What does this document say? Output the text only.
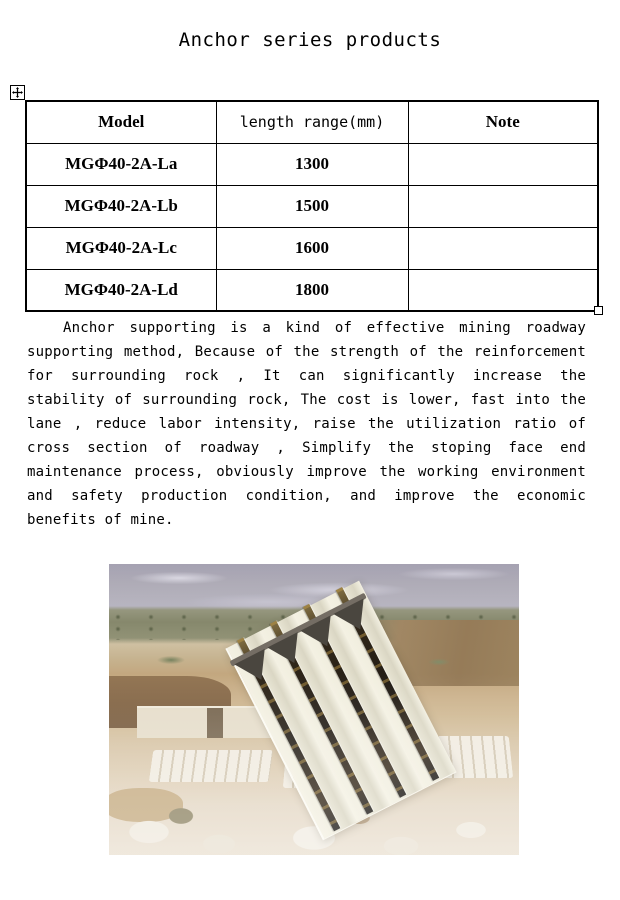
Anchor series products
Model	length range(mm)	Note
MGΦ40-2A-La	1300	
MGΦ40-2A-Lb	1500	
MGΦ40-2A-Lc	1600	
MGΦ40-2A-Ld	1800	
Anchor supporting is a kind of effective mining roadway
supporting method, Because of the strength of the reinforcement
for surrounding rock , It can significantly increase the
stability of surrounding rock, The cost is lower, fast into the
lane , reduce labor intensity, raise the utilization ratio of
cross section of roadway , Simplify the stoping face end
maintenance process, obviously improve the working environment
and safety production condition, and improve the economic
benefits of mine.
